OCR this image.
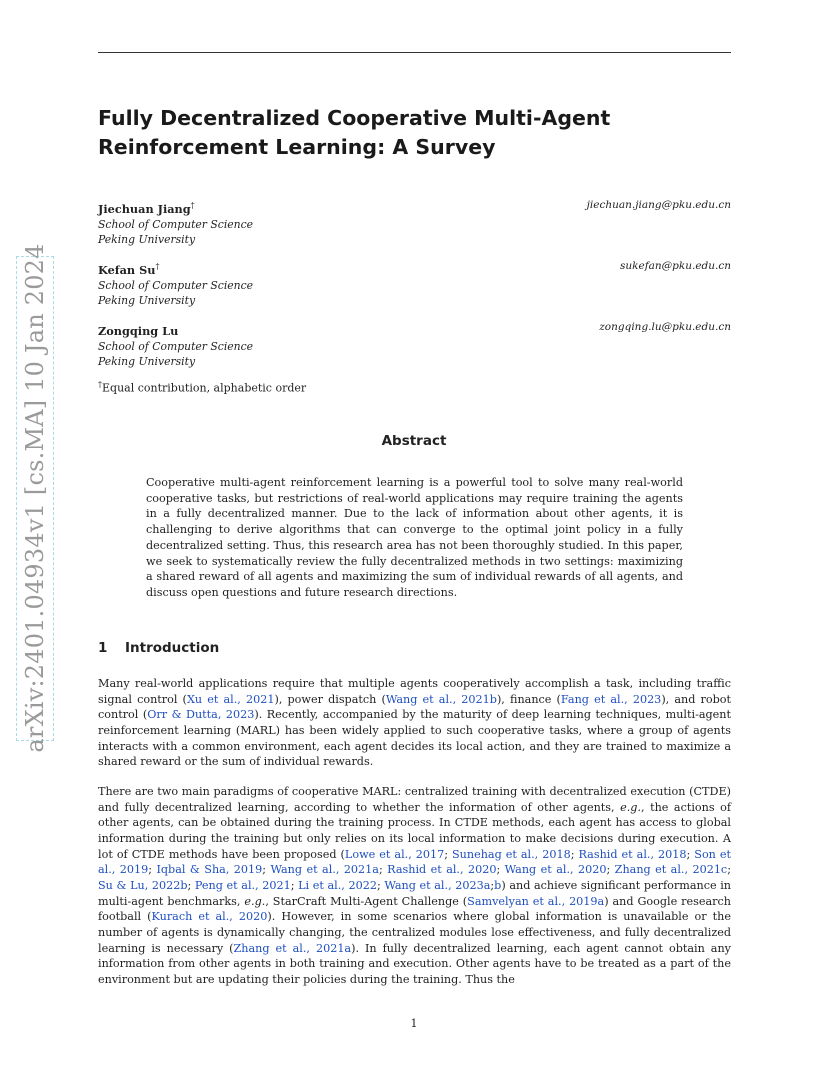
Fully Decentralized Cooperative Multi-Agent Reinforcement Learning: A Survey
Jiechuan Jiang†
School of Computer Science
Peking University
jiechuan.jiang@pku.edu.cn
Kefan Su†
School of Computer Science
Peking University
sukefan@pku.edu.cn
Zongqing Lu
School of Computer Science
Peking University
zongqing.lu@pku.edu.cn
†Equal contribution, alphabetic order
Abstract

Cooperative multi-agent reinforcement learning is a powerful tool to solve many real-world cooperative tasks, but restrictions of real-world applications may require training the agents in a fully decentralized manner. Due to the lack of information about other agents, it is challenging to derive algorithms that can converge to the optimal joint policy in a fully decentralized setting. Thus, this research area has not been thoroughly studied. In this paper, we seek to systematically review the fully decentralized methods in two settings: maximizing a shared reward of all agents and maximizing the sum of individual rewards of all agents, and discuss open questions and future research directions.

1 Introduction

Many real-world applications require that multiple agents cooperatively accomplish a task, including traffic signal control (Xu et al., 2021), power dispatch (Wang et al., 2021b), finance (Fang et al., 2023), and robot control (Orr & Dutta, 2023). Recently, accompanied by the maturity of deep learning techniques, multi-agent reinforcement learning (MARL) has been widely applied to such cooperative tasks, where a group of agents interacts with a common environment, each agent decides its local action, and they are trained to maximize a shared reward or the sum of individual rewards.

There are two main paradigms of cooperative MARL: centralized training with decentralized execution (CTDE) and fully decentralized learning, according to whether the information of other agents, e.g., the actions of other agents, can be obtained during the training process. In CTDE methods, each agent has access to global information during the training but only relies on its local information to make decisions during execution. A lot of CTDE methods have been proposed (Lowe et al., 2017; Sunehag et al., 2018; Rashid et al., 2018; Son et al., 2019; Iqbal & Sha, 2019; Wang et al., 2021a; Rashid et al., 2020; Wang et al., 2020; Zhang et al., 2021c; Su & Lu, 2022b; Peng et al., 2021; Li et al., 2022; Wang et al., 2023a;b) and achieve significant performance in multi-agent benchmarks, e.g., StarCraft Multi-Agent Challenge (Samvelyan et al., 2019a) and Google research football (Kurach et al., 2020). However, in some scenarios where global information is unavailable or the number of agents is dynamically changing, the centralized modules lose effectiveness, and fully decentralized learning is necessary (Zhang et al., 2021a). In fully decentralized learning, each agent cannot obtain any information from other agents in both training and execution. Other agents have to be treated as a part of the environment but are updating their policies during the training. Thus the

arXiv:2401.04934v1 [cs.MA] 10 Jan 2024
1
